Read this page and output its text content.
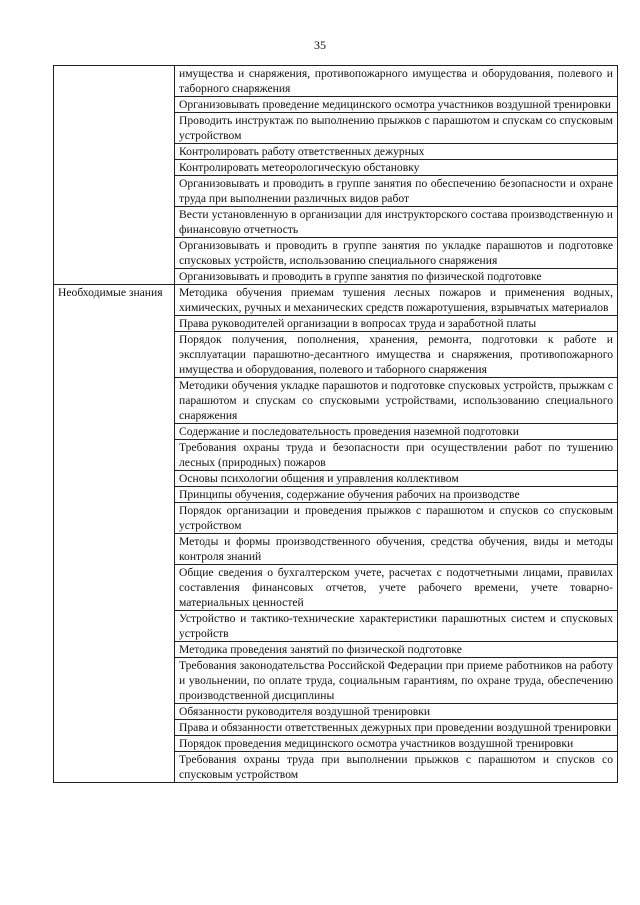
35
	имущества и снаряжения, противопожарного имущества и оборудования, полевого и таборного снаряжения
	Организовывать проведение медицинского осмотра участников воздушной тренировки
	Проводить инструктаж по выполнению прыжков с парашютом и спускам со спусковым устройством
	Контролировать работу ответственных дежурных
	Контролировать метеорологическую обстановку
	Организовывать и проводить в группе занятия по обеспечению безопасности и охране труда при выполнении различных видов работ
	Вести установленную в организации для инструкторского состава производственную и финансовую отчетность
	Организовывать и проводить в группе занятия по укладке парашютов и подготовке спусковых устройств, использованию специального снаряжения
	Организовывать и проводить в группе занятия по физической подготовке
Необходимые знания	Методика обучения приемам тушения лесных пожаров и применения водных, химических, ручных и механических средств пожаротушения, взрывчатых материалов
	Права руководителей организации в вопросах труда и заработной платы
	Порядок получения, пополнения, хранения, ремонта, подготовки к работе и эксплуатации парашютно-десантного имущества и снаряжения, противопожарного имущества и оборудования, полевого и таборного снаряжения
	Методики обучения укладке парашютов и подготовке спусковых устройств, прыжкам с парашютом и спускам со спусковыми устройствами, использованию специального снаряжения
	Содержание и последовательность проведения наземной подготовки
	Требования охраны труда и безопасности при осуществлении работ по тушению лесных (природных) пожаров
	Основы психологии общения и управления коллективом
	Принципы обучения, содержание обучения рабочих на производстве
	Порядок организации и проведения прыжков с парашютом и спусков со спусковым устройством
	Методы и формы производственного обучения, средства обучения, виды и методы контроля знаний
	Общие сведения о бухгалтерском учете, расчетах с подотчетными лицами, правилах составления финансовых отчетов, учете рабочего времени, учете товарно-материальных ценностей
	Устройство и тактико-технические характеристики парашютных систем и спусковых устройств
	Методика проведения занятий по физической подготовке
	Требования законодательства Российской Федерации при приеме работников на работу и увольнении, по оплате труда, социальным гарантиям, по охране труда, обеспечению производственной дисциплины
	Обязанности руководителя воздушной тренировки
	Права и обязанности ответственных дежурных при проведении воздушной тренировки
	Порядок проведения медицинского осмотра участников воздушной тренировки
	Требования охраны труда при выполнении прыжков с парашютом и спусков со спусковым устройством
